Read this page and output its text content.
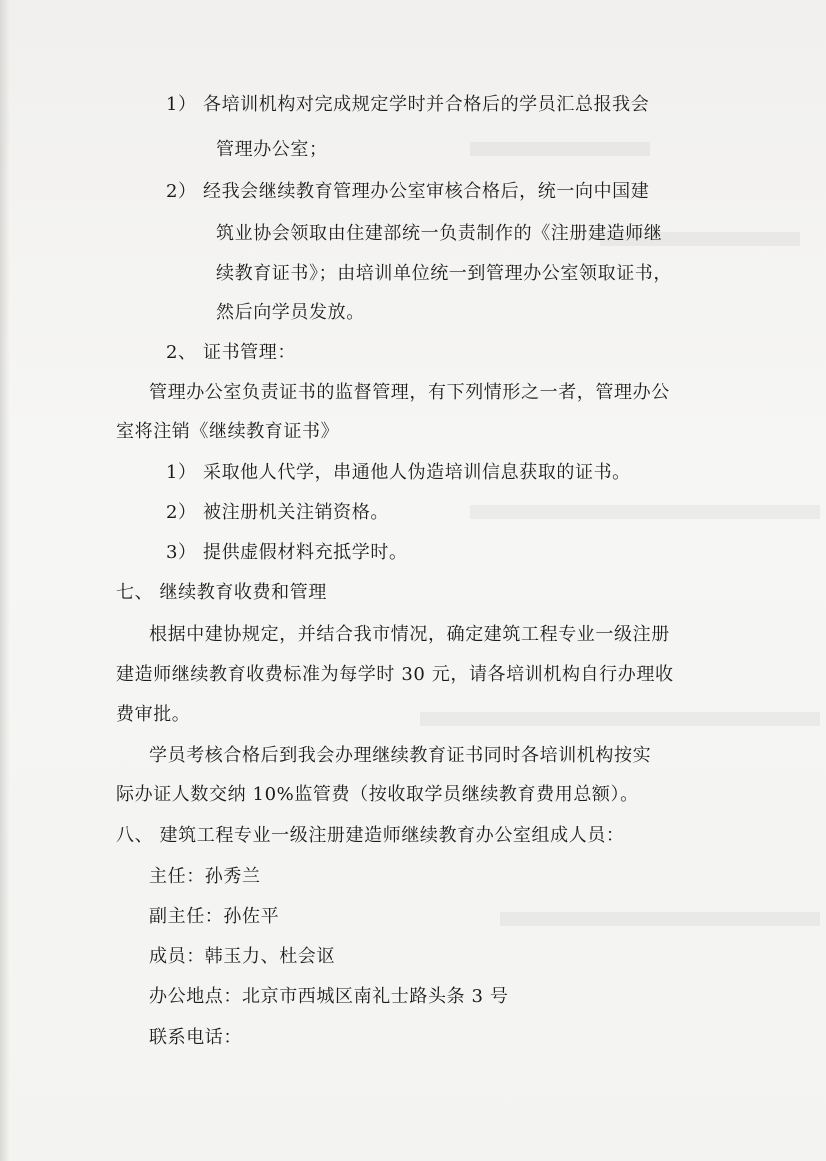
1） 各培训机构对完成规定学时并合格后的学员汇总报我会
管理办公室；
2） 经我会继续教育管理办公室审核合格后，统一向中国建
筑业协会领取由住建部统一负责制作的《注册建造师继
续教育证书》；由培训单位统一到管理办公室领取证书，
然后向学员发放。
2、 证书管理：
管理办公室负责证书的监督管理，有下列情形之一者，管理办公
室将注销《继续教育证书》
1） 采取他人代学，串通他人伪造培训信息获取的证书。
2） 被注册机关注销资格。
3） 提供虚假材料充抵学时。
七、 继续教育收费和管理
根据中建协规定，并结合我市情况，确定建筑工程专业一级注册
建造师继续教育收费标准为每学时 30 元，请各培训机构自行办理收
费审批。
学员考核合格后到我会办理继续教育证书同时各培训机构按实
际办证人数交纳 10%监管费（按收取学员继续教育费用总额）。
八、 建筑工程专业一级注册建造师继续教育办公室组成人员：
主任：孙秀兰
副主任：孙佐平
成员：韩玉力、杜会讴
办公地点：北京市西城区南礼士路头条 3 号
联系电话：
